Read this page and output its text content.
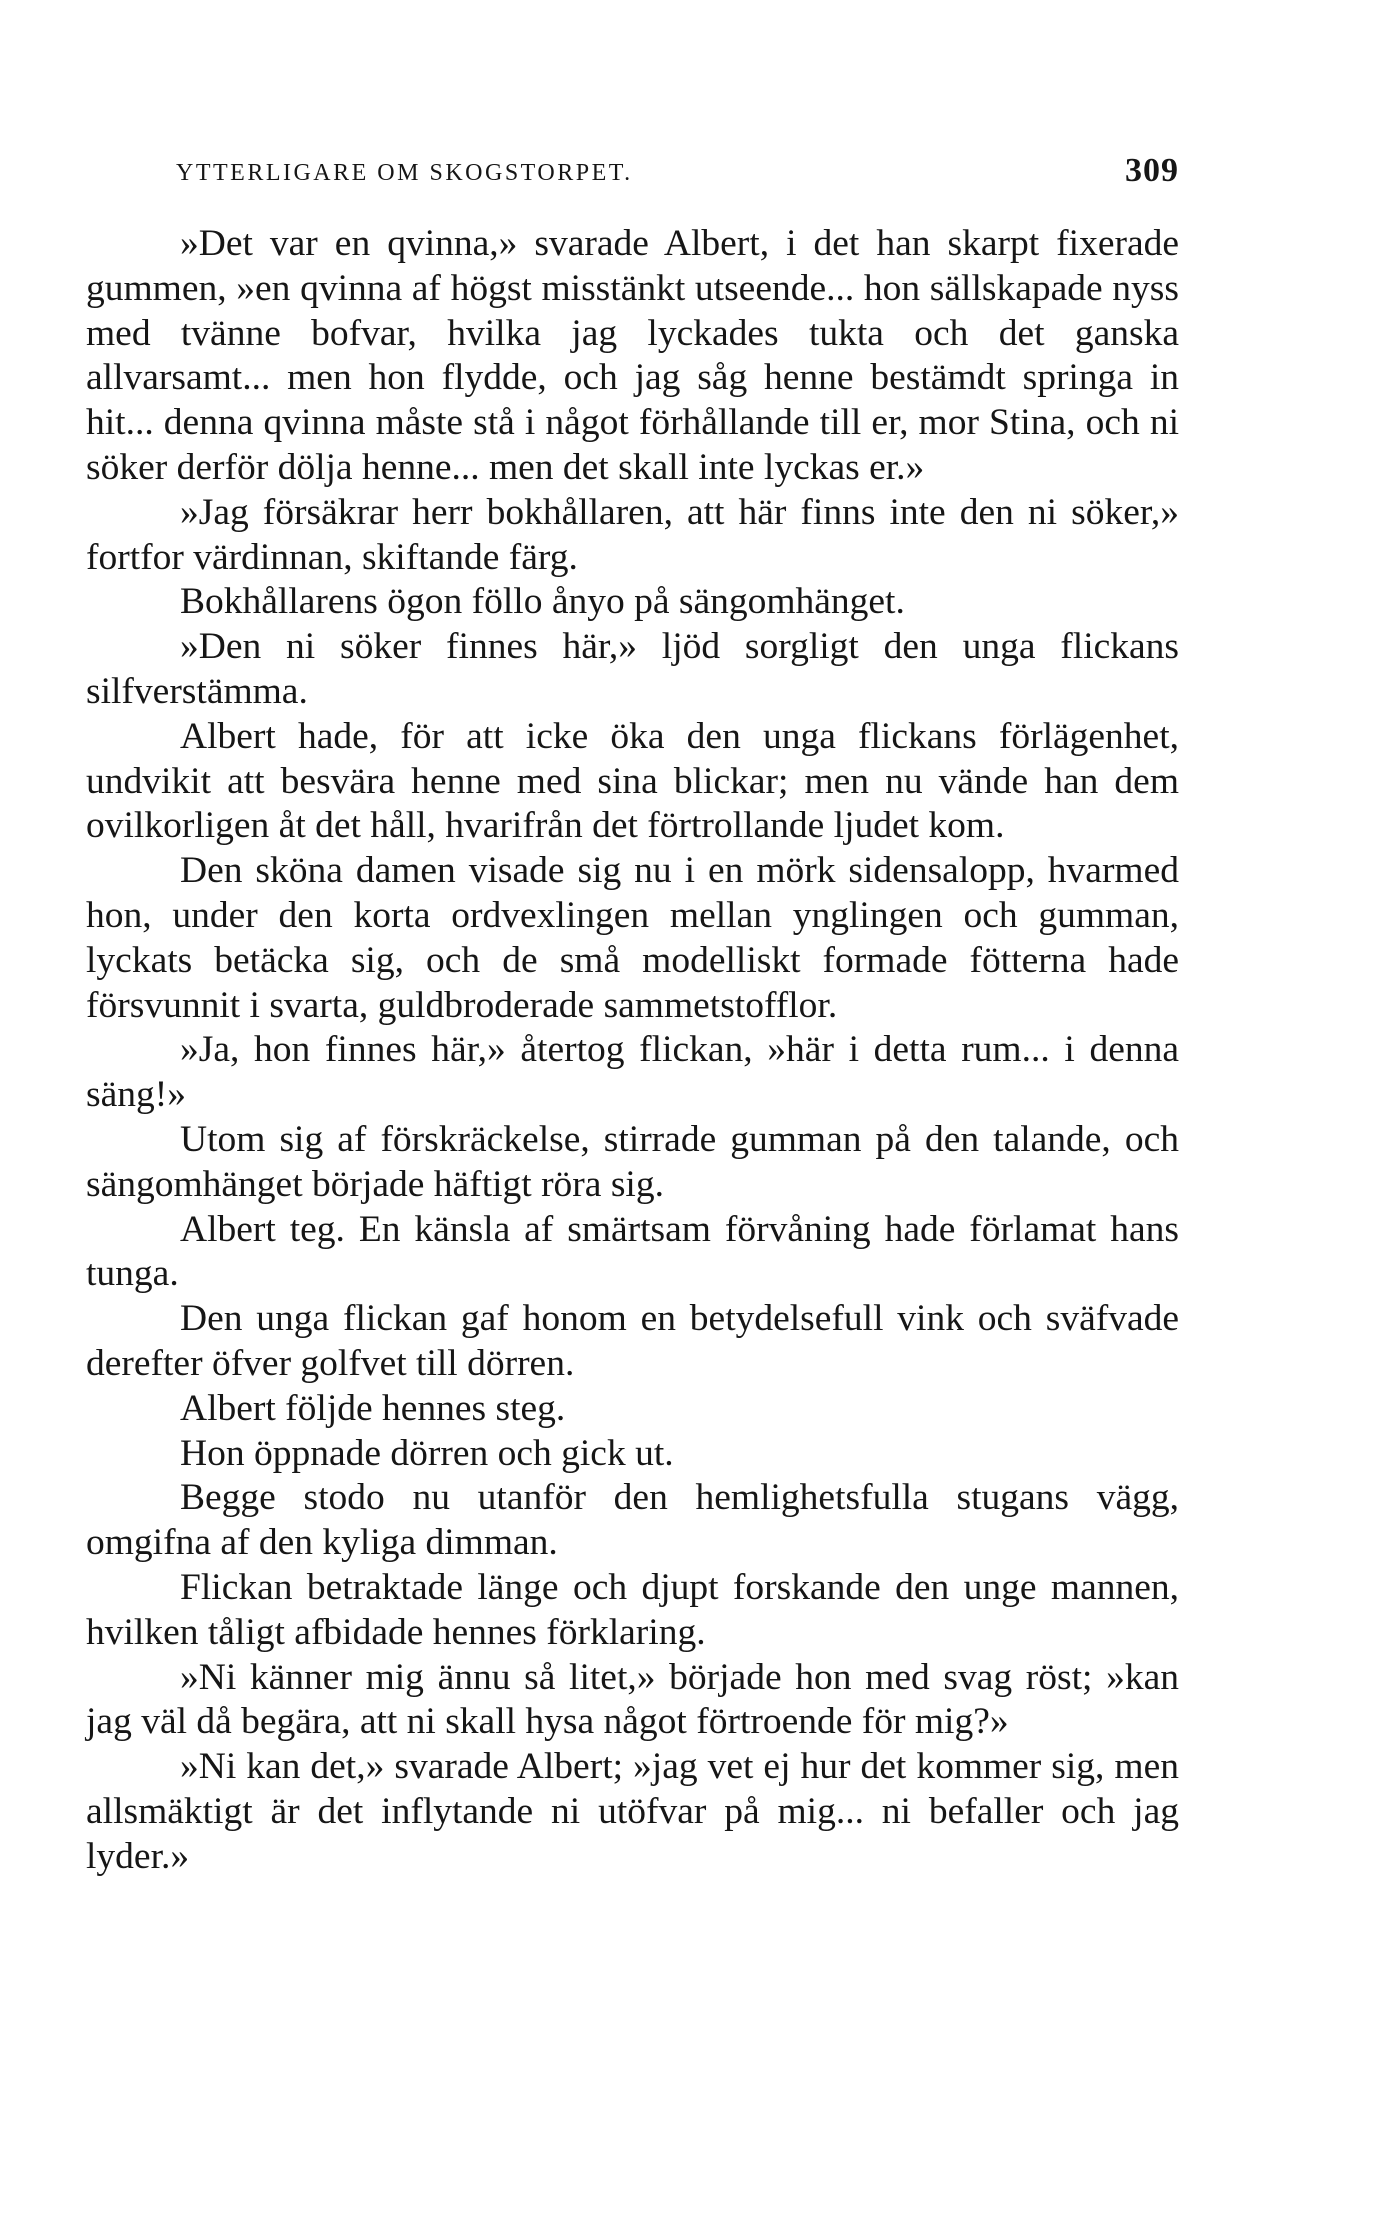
YTTERLIGARE OM SKOGSTORPET.	309

»Det var en qvinna,» svarade Albert, i det han skarpt fixerade gummen, »en qvinna af högst misstänkt utseende... hon sällskapade nyss med tvänne bofvar, hvilka jag lyckades tukta och det ganska allvarsamt... men hon flydde, och jag såg henne bestämdt springa in hit... denna qvinna måste stå i något förhållande till er, mor Stina, och ni söker derför dölja henne... men det skall inte lyckas er.»

»Jag försäkrar herr bokhållaren, att här finns inte den ni söker,» fortfor värdinnan, skiftande färg.

Bokhållarens ögon föllo ånyo på sängomhänget.

»Den ni söker finnes här,» ljöd sorgligt den unga flickans silfverstämma.

Albert hade, för att icke öka den unga flickans förlägenhet, undvikit att besvära henne med sina blickar; men nu vände han dem ovilkorligen åt det håll, hvarifrån det förtrollande ljudet kom.

Den sköna damen visade sig nu i en mörk sidensalopp, hvarmed hon, under den korta ordvexlingen mellan ynglingen och gumman, lyckats betäcka sig, och de små modelliskt formade fötterna hade försvunnit i svarta, guldbroderade sammetstofflor.

»Ja, hon finnes här,» återtog flickan, »här i detta rum... i denna säng!»

Utom sig af förskräckelse, stirrade gumman på den talande, och sängomhänget började häftigt röra sig.

Albert teg. En känsla af smärtsam förvåning hade förlamat hans tunga.

Den unga flickan gaf honom en betydelsefull vink och sväfvade derefter öfver golfvet till dörren.

Albert följde hennes steg.

Hon öppnade dörren och gick ut.

Begge stodo nu utanför den hemlighetsfulla stugans vägg, omgifna af den kyliga dimman.

Flickan betraktade länge och djupt forskande den unge mannen, hvilken tåligt afbidade hennes förklaring.

»Ni känner mig ännu så litet,» började hon med svag röst; »kan jag väl då begära, att ni skall hysa något förtroende för mig?»

»Ni kan det,» svarade Albert; »jag vet ej hur det kommer sig, men allsmäktigt är det inflytande ni utöfvar på mig... ni befaller och jag lyder.»
